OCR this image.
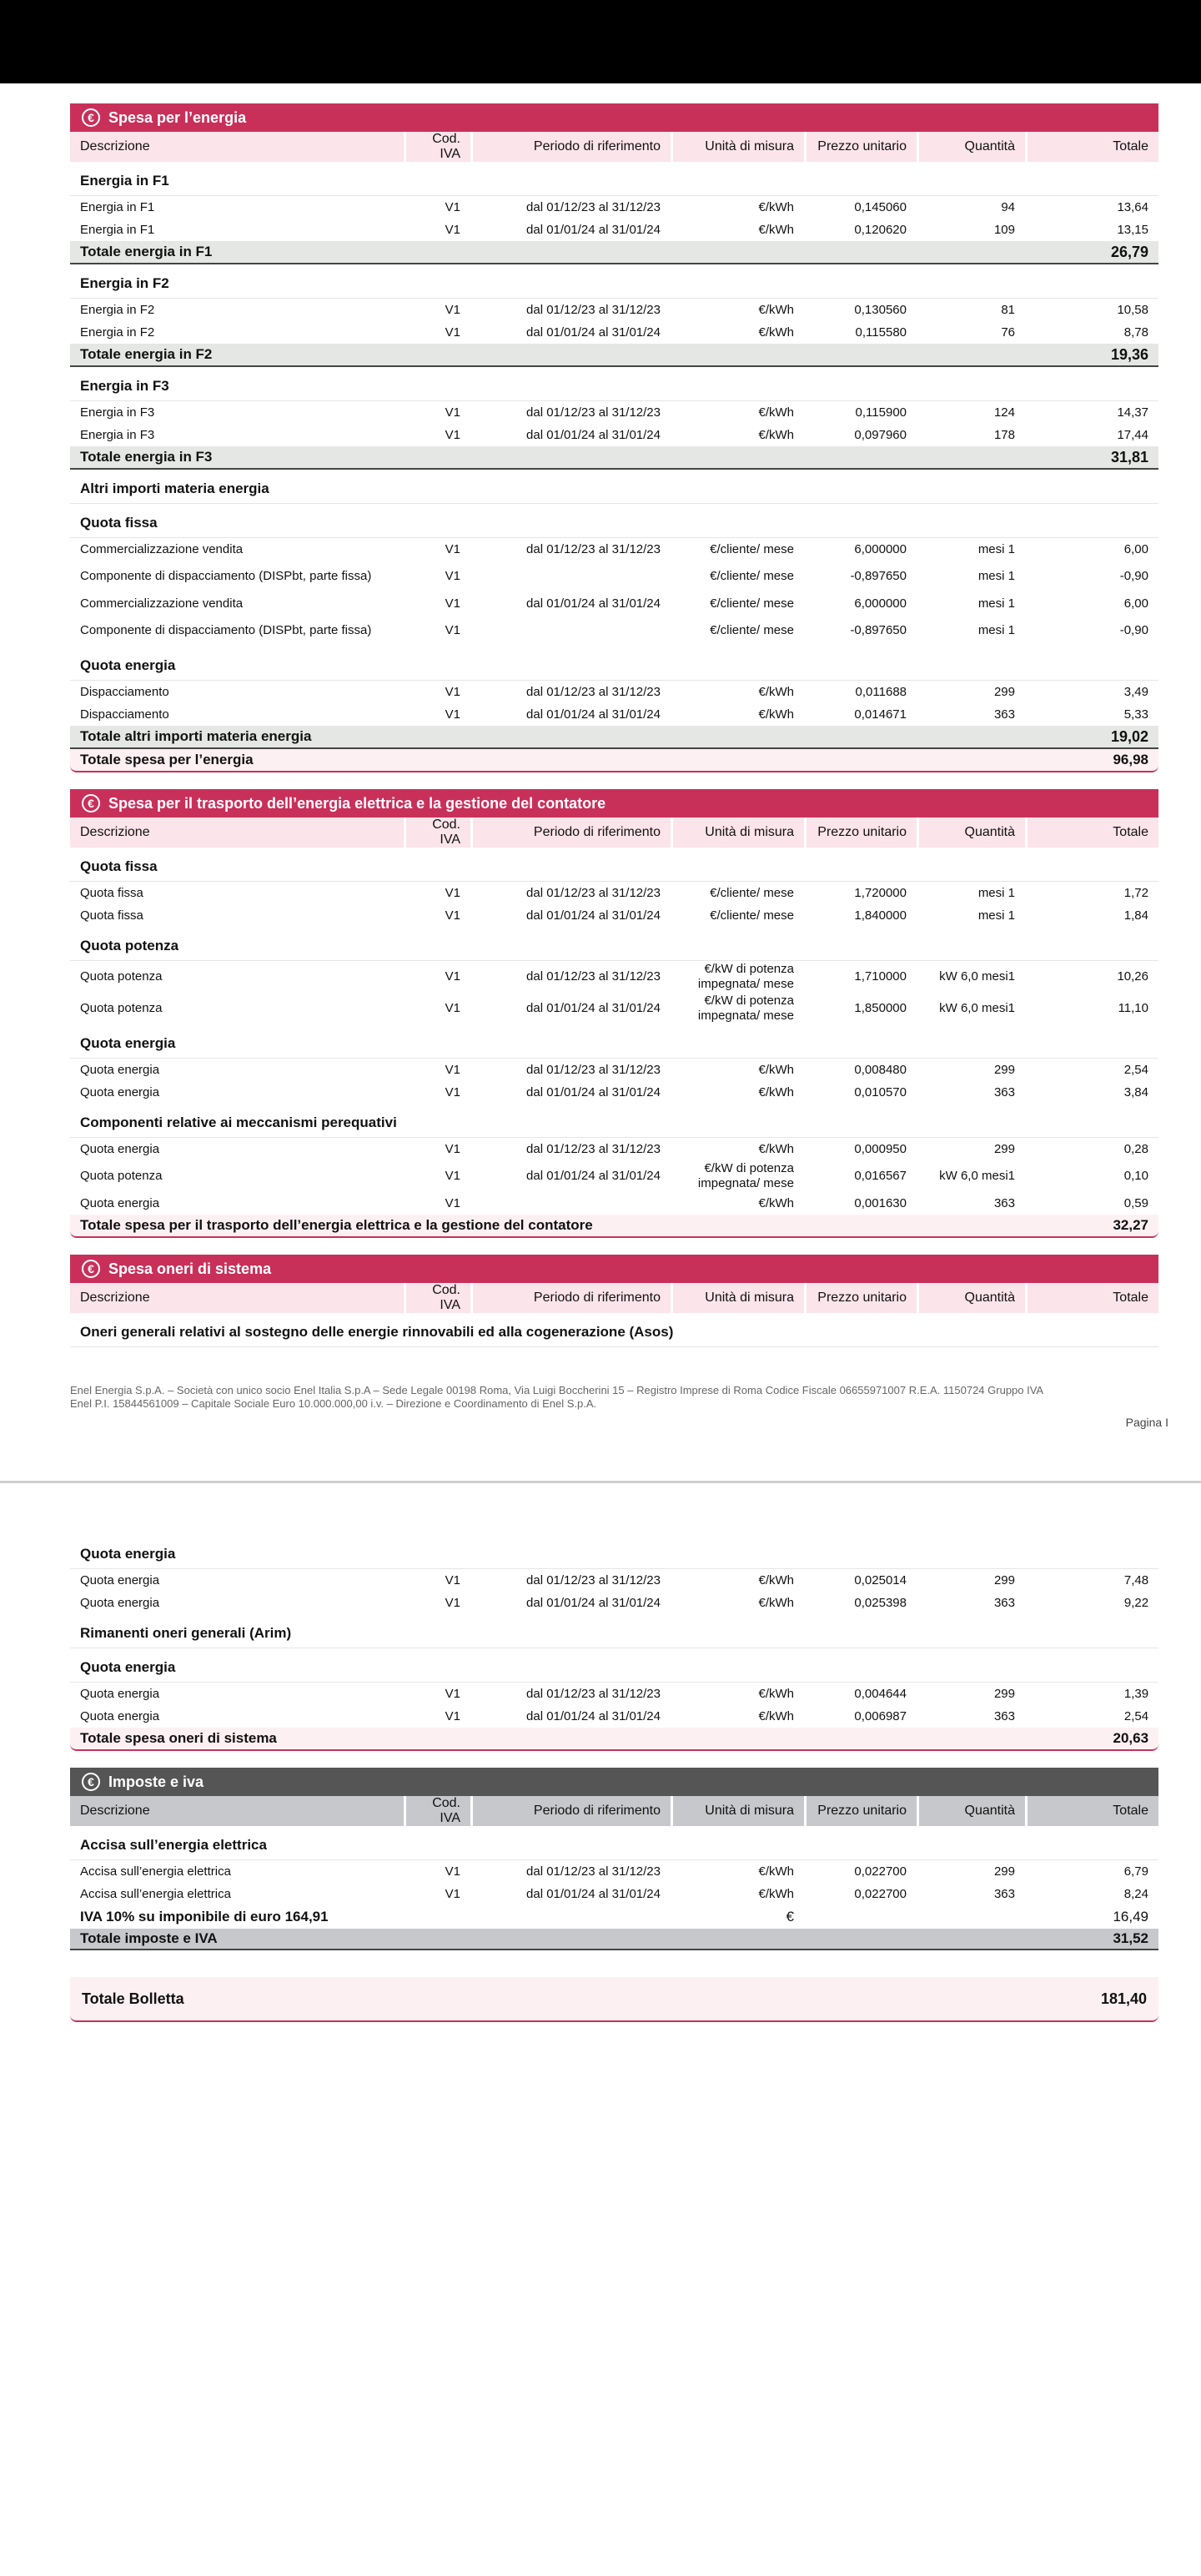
€ Spesa per l’energia
Descrizione	Cod. IVA	Periodo di riferimento	Unità di misura	Prezzo unitario	Quantità	Totale
Energia in F1						
Energia in F1	V1	dal 01/12/23 al 31/12/23	€/kWh	0,145060	94	13,64
Energia in F1	V1	dal 01/01/24 al 31/01/24	€/kWh	0,120620	109	13,15
Totale energia in F1						26,79
Energia in F2						
Energia in F2	V1	dal 01/12/23 al 31/12/23	€/kWh	0,130560	81	10,58
Energia in F2	V1	dal 01/01/24 al 31/01/24	€/kWh	0,115580	76	8,78
Totale energia in F2						19,36
Energia in F3						
Energia in F3	V1	dal 01/12/23 al 31/12/23	€/kWh	0,115900	124	14,37
Energia in F3	V1	dal 01/01/24 al 31/01/24	€/kWh	0,097960	178	17,44
Totale energia in F3						31,81
Altri importi materia energia						
Quota fissa						
Commercializzazione vendita	V1	dal 01/12/23 al 31/12/23	€/cliente/ mese	6,000000	mesi 1	6,00
Componente di dispacciamento (DISPbt, parte fissa)	V1		€/cliente/ mese	-0,897650	mesi 1	-0,90
Commercializzazione vendita	V1	dal 01/01/24 al 31/01/24	€/cliente/ mese	6,000000	mesi 1	6,00
Componente di dispacciamento (DISPbt, parte fissa)	V1		€/cliente/ mese	-0,897650	mesi 1	-0,90
Quota energia						
Dispacciamento	V1	dal 01/12/23 al 31/12/23	€/kWh	0,011688	299	3,49
Dispacciamento	V1	dal 01/01/24 al 31/01/24	€/kWh	0,014671	363	5,33
Totale altri importi materia energia						19,02
Totale spesa per l’energia						96,98
€ Spesa per il trasporto dell’energia elettrica e la gestione del contatore
Descrizione	Cod. IVA	Periodo di riferimento	Unità di misura	Prezzo unitario	Quantità	Totale
Quota fissa						
Quota fissa	V1	dal 01/12/23 al 31/12/23	€/cliente/ mese	1,720000	mesi 1	1,72
Quota fissa	V1	dal 01/01/24 al 31/01/24	€/cliente/ mese	1,840000	mesi 1	1,84
Quota potenza						
Quota potenza	V1	dal 01/12/23 al 31/12/23	€/kW di potenza impegnata/ mese	1,710000	kW 6,0 mesi1	10,26
Quota potenza	V1	dal 01/01/24 al 31/01/24	€/kW di potenza impegnata/ mese	1,850000	kW 6,0 mesi1	11,10
Quota energia						
Quota energia	V1	dal 01/12/23 al 31/12/23	€/kWh	0,008480	299	2,54
Quota energia	V1	dal 01/01/24 al 31/01/24	€/kWh	0,010570	363	3,84
Componenti relative ai meccanismi perequativi						
Quota energia	V1	dal 01/12/23 al 31/12/23	€/kWh	0,000950	299	0,28
Quota potenza	V1	dal 01/01/24 al 31/01/24	€/kW di potenza impegnata/ mese	0,016567	kW 6,0 mesi1	0,10
Quota energia	V1		€/kWh	0,001630	363	0,59
Totale spesa per il trasporto dell’energia elettrica e la gestione del contatore						32,27
€ Spesa oneri di sistema
Descrizione	Cod. IVA	Periodo di riferimento	Unità di misura	Prezzo unitario	Quantità	Totale
Oneri generali relativi al sostegno delle energie rinnovabili ed alla cogenerazione (Asos)
Enel Energia S.p.A. – Società con unico socio Enel Italia S.p.A – Sede Legale 00198 Roma, Via Luigi Boccherini 15 – Registro Imprese di Roma Codice Fiscale 06655971007 R.E.A. 1150724 Gruppo IVA
Enel P.I. 15844561009 – Capitale Sociale Euro 10.000.000,00 i.v. – Direzione e Coordinamento di Enel S.p.A.
Pagina I
Quota energia						
Quota energia	V1	dal 01/12/23 al 31/12/23	€/kWh	0,025014	299	7,48
Quota energia	V1	dal 01/01/24 al 31/01/24	€/kWh	0,025398	363	9,22
Rimanenti oneri generali (Arim)						
Quota energia						
Quota energia	V1	dal 01/12/23 al 31/12/23	€/kWh	0,004644	299	1,39
Quota energia	V1	dal 01/01/24 al 31/01/24	€/kWh	0,006987	363	2,54
Totale spesa oneri di sistema						20,63
€ Imposte e iva
Descrizione	Cod. IVA	Periodo di riferimento	Unità di misura	Prezzo unitario	Quantità	Totale
Accisa sull’energia elettrica						
Accisa sull’energia elettrica	V1	dal 01/12/23 al 31/12/23	€/kWh	0,022700	299	6,79
Accisa sull’energia elettrica	V1	dal 01/01/24 al 31/01/24	€/kWh	0,022700	363	8,24
IVA 10% su imponibile di euro 164,91			€			16,49
Totale imposte e IVA						31,52
Totale Bolletta	181,40
